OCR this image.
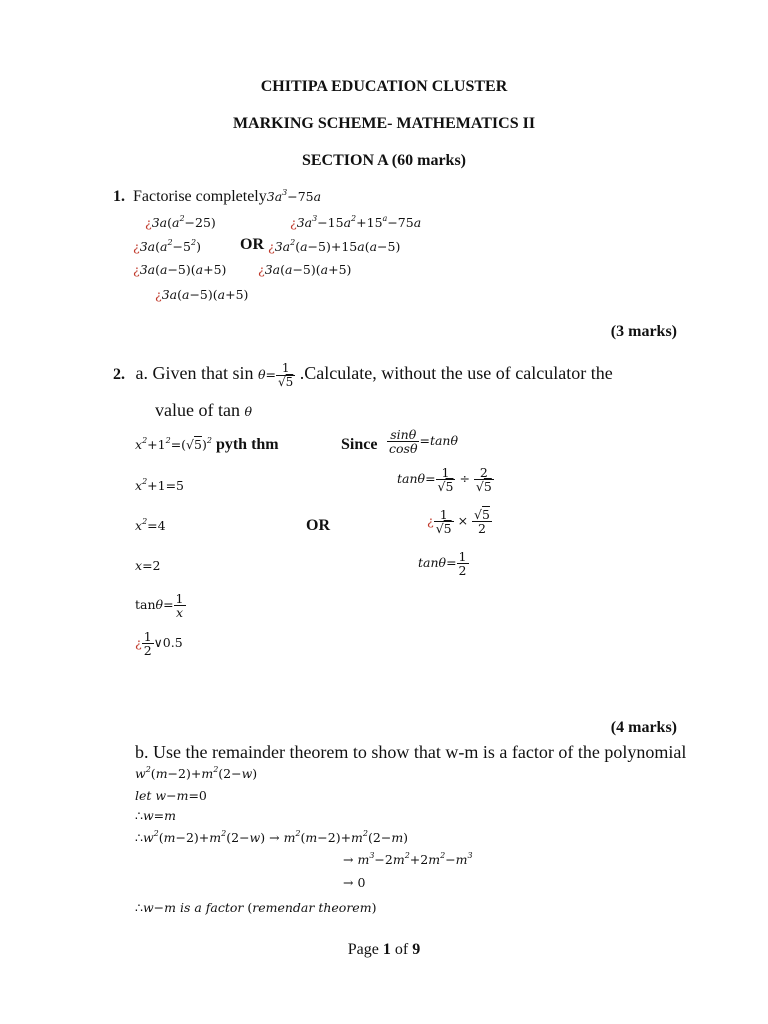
CHITIPA EDUCATION CLUSTER
MARKING SCHEME- MATHEMATICS II
SECTION A (60 marks)
1. Factorise $completely3a^3-75a$
¿$3a(a^2-25)$	¿$3a^3-15a^2+15^a-75a$
¿$3a(a^2-5^2)$ OR ¿$3a^2(a-5)+15a(a-5)$
¿3a(a−5)(a+5)	¿3a(a−5)(a+5)
¿3a(a−5)(a+5)
(3 marks)
2. a. Given that $\sin \theta= \frac{1}{√5}$ .Calculate, without the use of calculator the
value of tan θ
$x^2+1^2=(√5)^2$ pyth thm
$x^2+1=5$
$x^2=4$
x=2
$\tan\theta= \frac{1}{x}$
¿ $\frac{1}{2}$ ∨0.5
OR
Since $\frac{\sin\theta}{\cos\theta} =\tan\theta$
$\tan\theta= \frac{1}{√5} \div \frac{2}{√5}$
¿ $\frac{1}{√5} \times \frac{√5}{2}$
$\tan\theta= \frac{1}{2}$
(4 marks)
b. Use the remainder theorem to show that w-m is a factor of the polynomial
$w^2(m-2)+m^2(2-w)$
let w−m=0
∴w=m
$\therefore w^2(m-2)+m^2(2-w) \to m^2(m-2)+m^2(2-m)$
→ $m^3-2m^2+2m^2-m^3$
→ 0
∴w−m is a factor (remendar theorem)
Page 1 of 9
